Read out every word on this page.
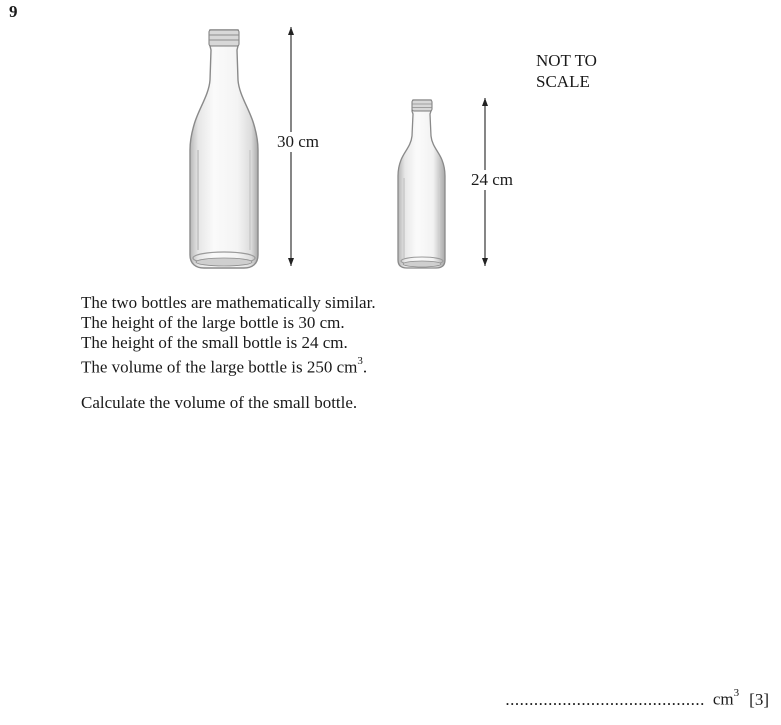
9
30 cm
24 cm
NOT TO
SCALE
The two bottles are mathematically similar.
The height of the large bottle is 30 cm.
The height of the small bottle is 24 cm.
The volume of the large bottle is 250 $cm^3$.
Calculate the volume of the small bottle.
.......................................... $cm^3$ [3]
